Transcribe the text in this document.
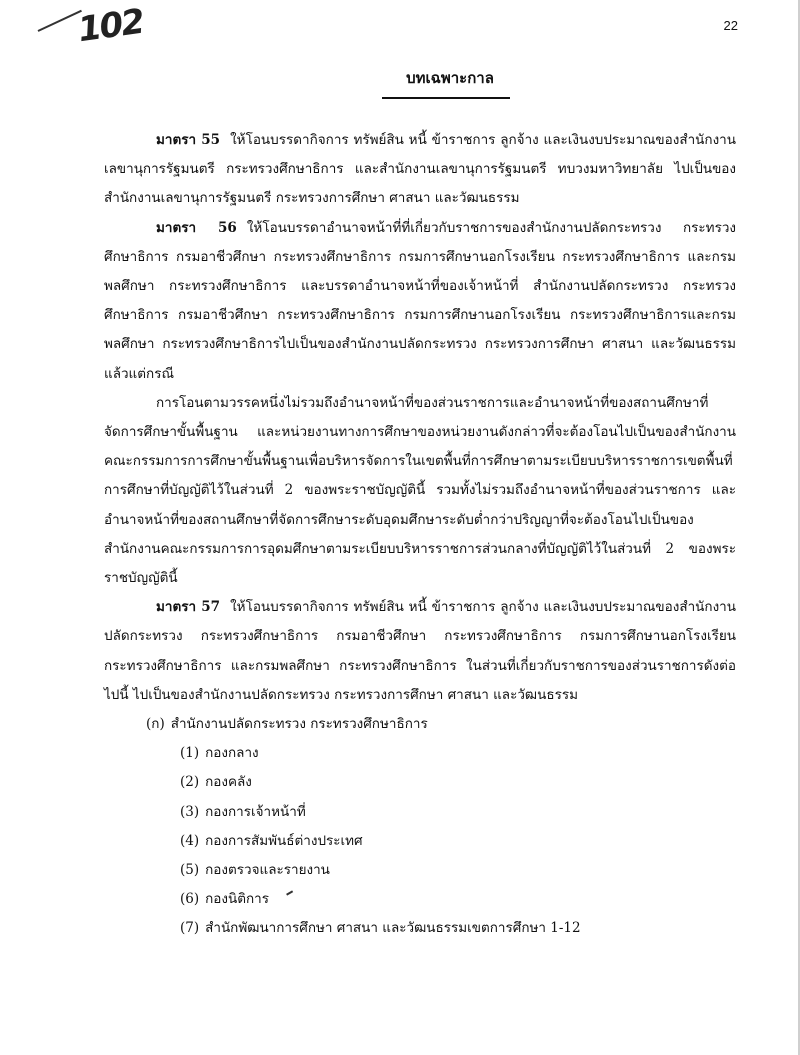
102	22
บทเฉพาะกาล

มาตรา 55 ให้โอนบรรดากิจการ ทรัพย์สิน หนี้ ข้าราชการ ลูกจ้าง และเงินงบประมาณของสำนักงานเลขานุการรัฐมนตรี กระทรวงศึกษาธิการ และสำนักงานเลขานุการรัฐมนตรี ทบวงมหาวิทยาลัย ไปเป็นของสำนักงานเลขานุการรัฐมนตรี กระทรวงการศึกษา ศาสนา และวัฒนธรรม

มาตรา 56 ให้โอนบรรดาอำนาจหน้าที่ที่เกี่ยวกับราชการของสำนักงานปลัดกระทรวง กระทรวงศึกษาธิการ กรมอาชีวศึกษา กระทรวงศึกษาธิการ กรมการศึกษานอกโรงเรียน กระทรวงศึกษาธิการ และกรมพลศึกษา กระทรวงศึกษาธิการ และบรรดาอำนาจหน้าที่ของเจ้าหน้าที่ สำนักงานปลัดกระทรวง กระทรวงศึกษาธิการ กรมอาชีวศึกษา กระทรวงศึกษาธิการ กรมการศึกษานอกโรงเรียน กระทรวงศึกษาธิการและกรมพลศึกษา กระทรวงศึกษาธิการไปเป็นของสำนักงานปลัดกระทรวง กระทรวงการศึกษา ศาสนา และวัฒนธรรม แล้วแต่กรณี

การโอนตามวรรคหนึ่งไม่รวมถึงอำนาจหน้าที่ของส่วนราชการและอำนาจหน้าที่ของสถานศึกษาที่จัดการศึกษาขั้นพื้นฐาน และหน่วยงานทางการศึกษาของหน่วยงานดังกล่าวที่จะต้องโอนไปเป็นของสำนักงานคณะกรรมการการศึกษาขั้นพื้นฐานเพื่อบริหารจัดการในเขตพื้นที่การศึกษาตามระเบียบบริหารราชการเขตพื้นที่การศึกษาที่บัญญัติไว้ในส่วนที่ 2 ของพระราชบัญญัตินี้ รวมทั้งไม่รวมถึงอำนาจหน้าที่ของส่วนราชการ และอำนาจหน้าที่ของสถานศึกษาที่จัดการศึกษาระดับอุดมศึกษาระดับต่ำกว่าปริญญาที่จะต้องโอนไปเป็นของสำนักงานคณะกรรมการการอุดมศึกษาตามระเบียบบริหารราชการส่วนกลางที่บัญญัติไว้ในส่วนที่ 2 ของพระราชบัญญัตินี้

มาตรา 57 ให้โอนบรรดากิจการ ทรัพย์สิน หนี้ ข้าราชการ ลูกจ้าง และเงินงบประมาณของสำนักงานปลัดกระทรวง กระทรวงศึกษาธิการ กรมอาชีวศึกษา กระทรวงศึกษาธิการ กรมการศึกษานอกโรงเรียน กระทรวงศึกษาธิการ และกรมพลศึกษา กระทรวงศึกษาธิการ ในส่วนที่เกี่ยวกับราชการของส่วนราชการดังต่อไปนี้ ไปเป็นของสำนักงานปลัดกระทรวง กระทรวงการศึกษา ศาสนา และวัฒนธรรม

(ก) สำนักงานปลัดกระทรวง กระทรวงศึกษาธิการ
(1) กองกลาง
(2) กองคลัง
(3) กองการเจ้าหน้าที่
(4) กองการสัมพันธ์ต่างประเทศ
(5) กองตรวจและรายงาน
(6) กองนิติการ
(7) สำนักพัฒนาการศึกษา ศาสนา และวัฒนธรรมเขตการศึกษา 1-12
